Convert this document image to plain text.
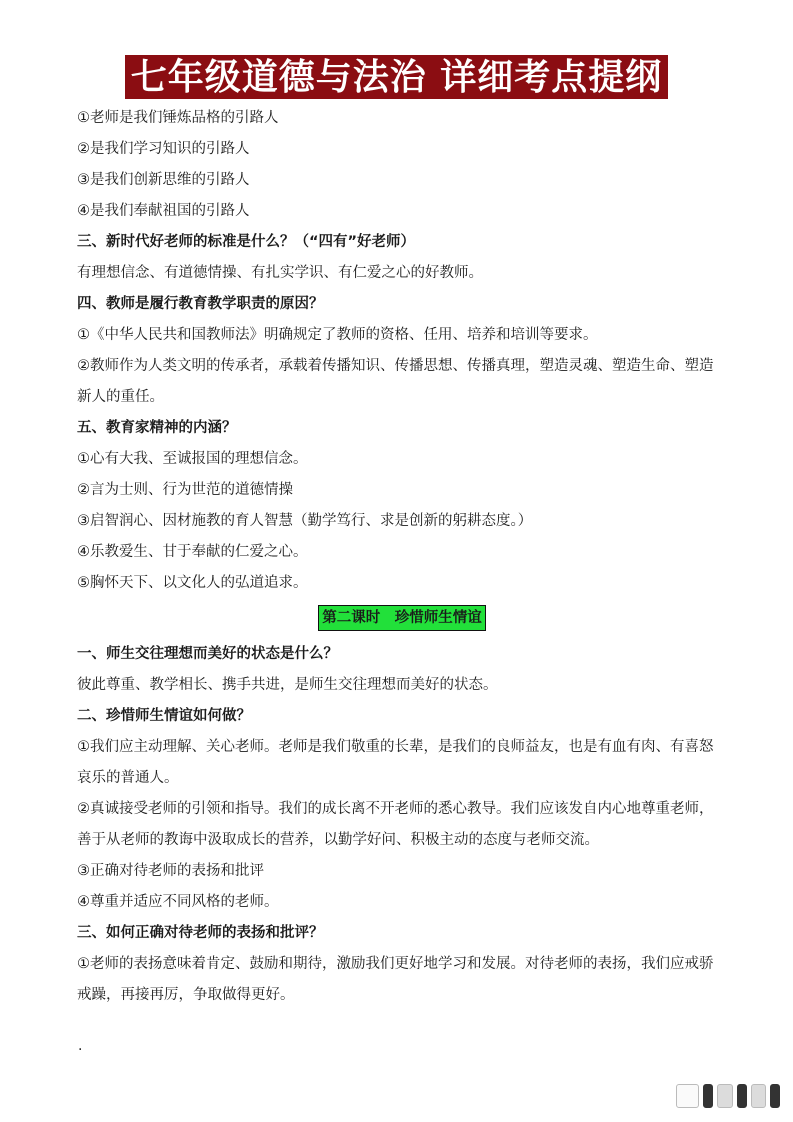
七年级道德与法治 详细考点提纲

①老师是我们锤炼品格的引路人

②是我们学习知识的引路人

③是我们创新思维的引路人

④是我们奉献祖国的引路人

三、新时代好老师的标准是什么？（“四有”好老师）

有理想信念、有道德情操、有扎实学识、有仁爱之心的好教师。

四、教师是履行教育教学职责的原因？

①《中华人民共和国教师法》明确规定了教师的资格、任用、培养和培训等要求。

②教师作为人类文明的传承者，承载着传播知识、传播思想、传播真理，塑造灵魂、塑造生命、塑造新人的重任。

五、教育家精神的内涵？

①心有大我、至诚报国的理想信念。

②言为士则、行为世范的道德情操

③启智润心、因材施教的育人智慧（勤学笃行、求是创新的躬耕态度。）

④乐教爱生、甘于奉献的仁爱之心。

⑤胸怀天下、以文化人的弘道追求。

第二课时　珍惜师生情谊

一、师生交往理想而美好的状态是什么？

彼此尊重、教学相长、携手共进，是师生交往理想而美好的状态。

二、珍惜师生情谊如何做？

①我们应主动理解、关心老师。老师是我们敬重的长辈，是我们的良师益友，也是有血有肉、有喜怒哀乐的普通人。

②真诚接受老师的引领和指导。我们的成长离不开老师的悉心教导。我们应该发自内心地尊重老师，善于从老师的教诲中汲取成长的营养，以勤学好问、积极主动的态度与老师交流。

③正确对待老师的表扬和批评

④尊重并适应不同风格的老师。

三、如何正确对待老师的表扬和批评？

①老师的表扬意味着肯定、鼓励和期待，激励我们更好地学习和发展。对待老师的表扬，我们应戒骄戒躁，再接再厉，争取做得更好。

.
